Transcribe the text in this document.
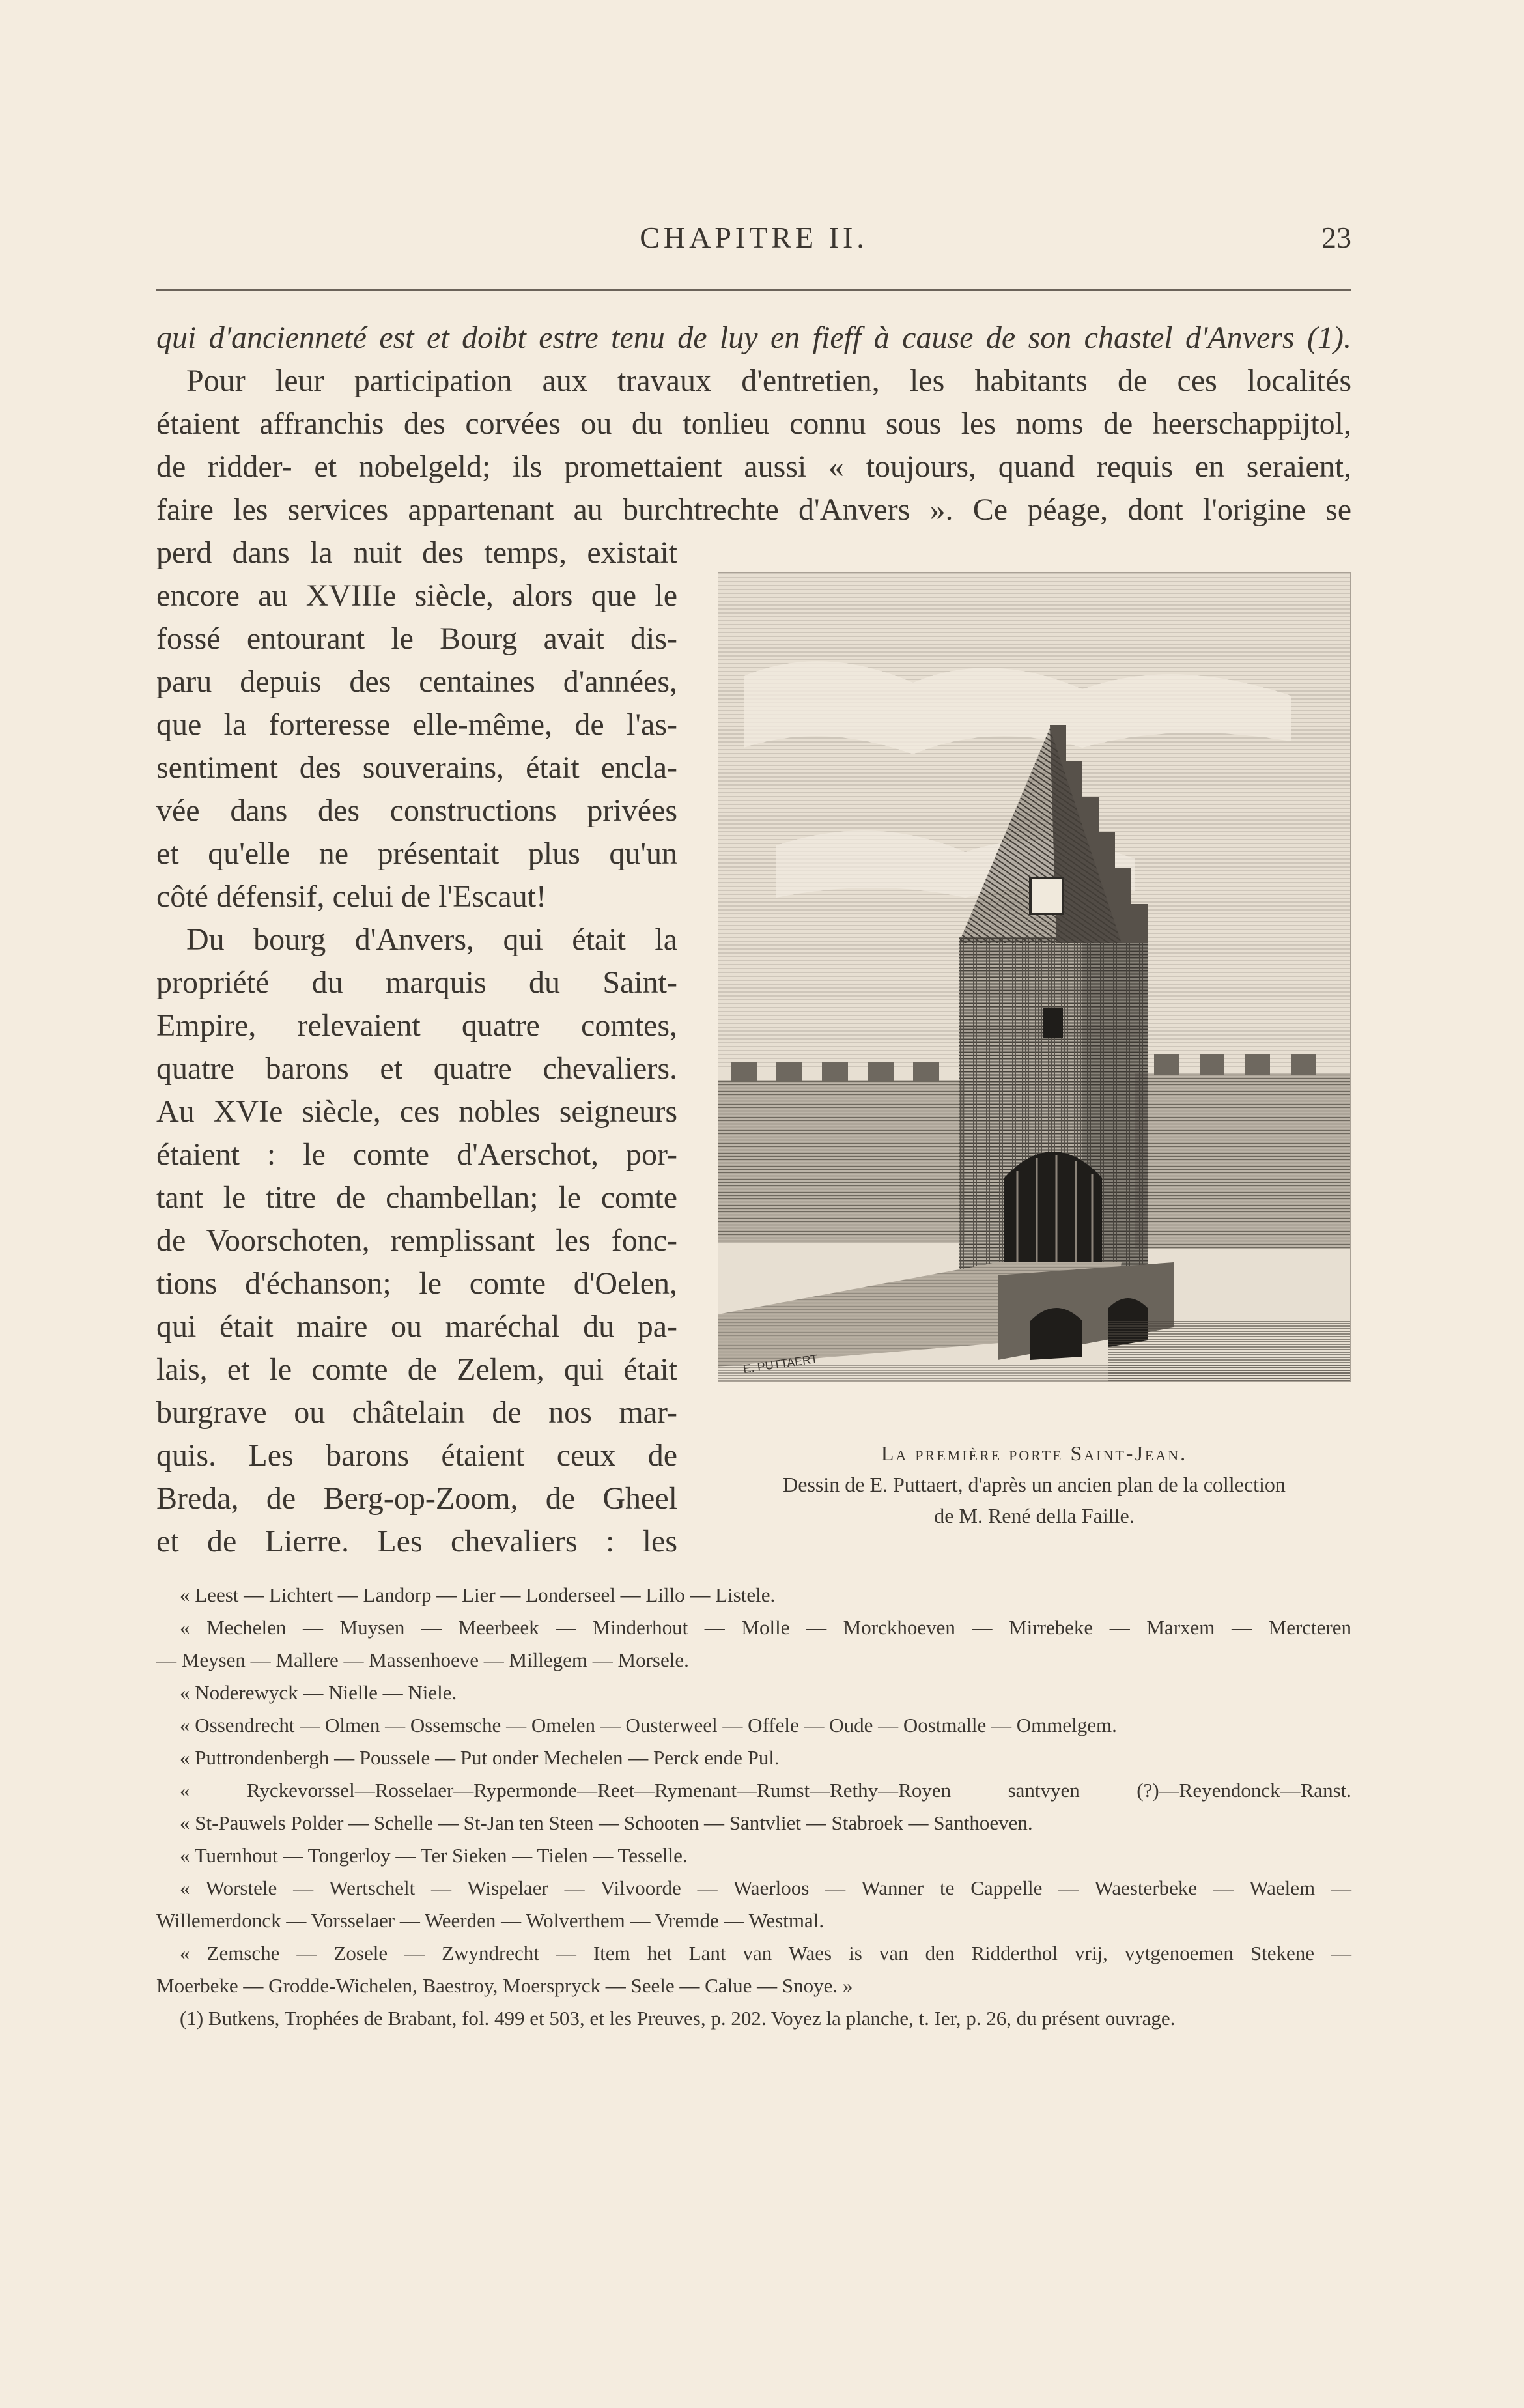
CHAPITRE II.	23
qui d'ancienneté est et doibt estre tenu de luy en fieff à cause de son chastel d'Anvers (1).
Pour leur participation aux travaux d'entretien, les habitants de ces localités
étaient affranchis des corvées ou du tonlieu connu sous les noms de heerschappijtol,
de ridder- et nobelgeld; ils promettaient aussi « toujours, quand requis en seraient,
faire les services appartenant au burchtrechte d'Anvers ». Ce péage, dont l'origine se
perd dans la nuit des temps, existait
encore au XVIIIe siècle, alors que le
fossé entourant le Bourg avait dis-
paru depuis des centaines d'années,
que la forteresse elle-même, de l'as-
sentiment des souverains, était encla-
vée dans des constructions privées
et qu'elle ne présentait plus qu'un
côté défensif, celui de l'Escaut!
Du bourg d'Anvers, qui était la
propriété du marquis du Saint-
Empire, relevaient quatre comtes,
quatre barons et quatre chevaliers.
Au XVIe siècle, ces nobles seigneurs
étaient : le comte d'Aerschot, por-
tant le titre de chambellan; le comte
de Voorschoten, remplissant les fonc-
tions d'échanson; le comte d'Oelen,
qui était maire ou maréchal du pa-
lais, et le comte de Zelem, qui était
burgrave ou châtelain de nos mar-
quis. Les barons étaient ceux de
Breda, de Berg-op-Zoom, de Gheel
et de Lierre. Les chevaliers : les
E. PUTTAERT
La première porte Saint-Jean.
Dessin de E. Puttaert, d'après un ancien plan de la collection
de M. René della Faille.
« Leest — Lichtert — Landorp — Lier — Londerseel — Lillo — Listele.
« Mechelen — Muysen — Meerbeek — Minderhout — Molle — Morckhoeven — Mirrebeke — Marxem — Mercteren
— Meysen — Mallere — Massenhoeve — Millegem — Morsele.
« Noderewyck — Nielle — Niele.
« Ossendrecht — Olmen — Ossemsche — Omelen — Ousterweel — Offele — Oude — Oostmalle — Ommelgem.
« Puttrondenbergh — Poussele — Put onder Mechelen — Perck ende Pul.
« Ryckevorssel—Rosselaer—Rypermonde—Reet—Rymenant—Rumst—Rethy—Royen santvyen (?)—Reyendonck—Ranst.
« St-Pauwels Polder — Schelle — St-Jan ten Steen — Schooten — Santvliet — Stabroek — Santhoeven.
« Tuernhout — Tongerloy — Ter Sieken — Tielen — Tesselle.
« Worstele — Wertschelt — Wispelaer — Vilvoorde — Waerloos — Wanner te Cappelle — Waesterbeke — Waelem —
Willemerdonck — Vorsselaer — Weerden — Wolverthem — Vremde — Westmal.
« Zemsche — Zosele — Zwyndrecht — Item het Lant van Waes is van den Ridderthol vrij, vytgenoemen Stekene —
Moerbeke — Grodde-Wichelen, Baestroy, Moerspryck — Seele — Calue — Snoye. »
(1) Butkens, Trophées de Brabant, fol. 499 et 503, et les Preuves, p. 202. Voyez la planche, t. Ier, p. 26, du présent ouvrage.
